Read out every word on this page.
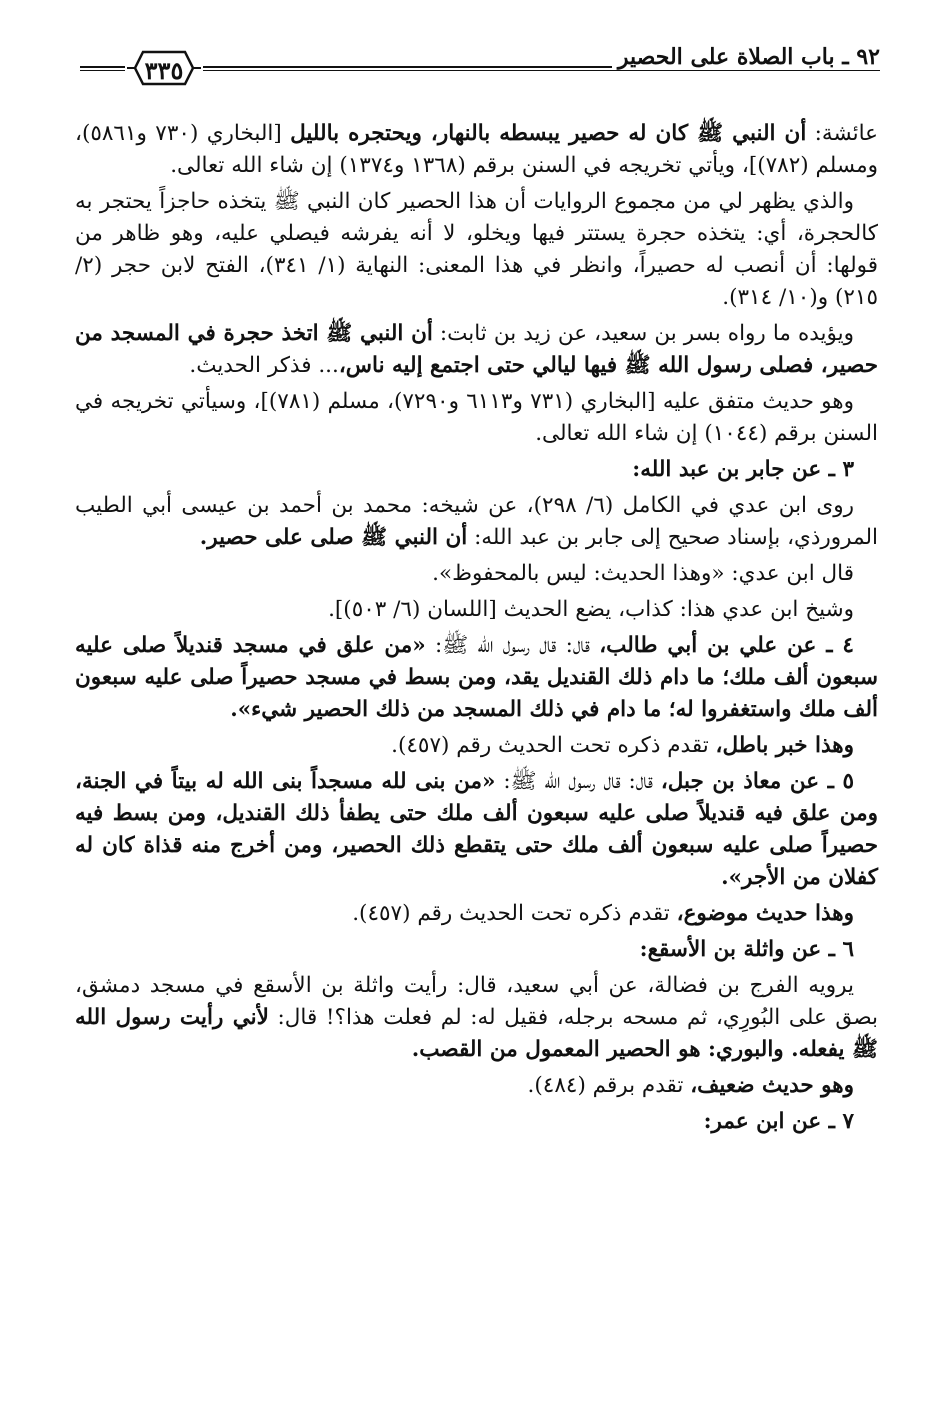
٩٢ ـ باب الصلاة على الحصير
٣٣٥

عائشة: أن النبي ﷺ كان له حصير يبسطه بالنهار، ويحتجره بالليل [البخاري (٧٣٠ و٥٨٦١)، ومسلم (٧٨٢)]، ويأتي تخريجه في السنن برقم (١٣٦٨ و١٣٧٤) إن شاء الله تعالى.

والذي يظهر لي من مجموع الروايات أن هذا الحصير كان النبي ﷺ يتخذه حاجزاً يحتجر به كالحجرة، أي: يتخذه حجرة يستتر فيها ويخلو، لا أنه يفرشه فيصلي عليه، وهو ظاهر من قولها: أن أنصب له حصيراً، وانظر في هذا المعنى: النهاية (١/ ٣٤١)، الفتح لابن حجر (٢/ ٢١٥) و(١٠/ ٣١٤).

ويؤيده ما رواه بسر بن سعيد، عن زيد بن ثابت: أن النبي ﷺ اتخذ حجرة في المسجد من حصير، فصلى رسول الله ﷺ فيها ليالي حتى اجتمع إليه ناس،... فذكر الحديث.

وهو حديث متفق عليه [البخاري (٧٣١ و٦١١٣ و٧٢٩٠)، مسلم (٧٨١)]، وسيأتي تخريجه في السنن برقم (١٠٤٤) إن شاء الله تعالى.

٣ ـ عن جابر بن عبد الله:

روى ابن عدي في الكامل (٦/ ٢٩٨)، عن شيخه: محمد بن أحمد بن عيسى أبي الطيب المرورذي، بإسناد صحيح إلى جابر بن عبد الله: أن النبي ﷺ صلى على حصير.

قال ابن عدي: «وهذا الحديث: ليس بالمحفوظ».

وشيخ ابن عدي هذا: كذاب، يضع الحديث [اللسان (٦/ ٥٠٣)].

٤ ـ عن علي بن أبي طالب، قال: قال رسول الله ﷺ: «من علق في مسجد قنديلاً صلى عليه سبعون ألف ملك؛ ما دام ذلك القنديل يقد، ومن بسط في مسجد حصيراً صلى عليه سبعون ألف ملك واستغفروا له؛ ما دام في ذلك المسجد من ذلك الحصير شيء».

وهذا خبر باطل، تقدم ذكره تحت الحديث رقم (٤٥٧).

٥ ـ عن معاذ بن جبل، قال: قال رسول الله ﷺ: «من بنى لله مسجداً بنى الله له بيتاً في الجنة، ومن علق فيه قنديلاً صلى عليه سبعون ألف ملك حتى يطفأ ذلك القنديل، ومن بسط فيه حصيراً صلى عليه سبعون ألف ملك حتى يتقطع ذلك الحصير، ومن أخرج منه قذاة كان له كفلان من الأجر».

وهذا حديث موضوع، تقدم ذكره تحت الحديث رقم (٤٥٧).

٦ ـ عن واثلة بن الأسقع:

يرويه الفرج بن فضالة، عن أبي سعيد، قال: رأيت واثلة بن الأسقع في مسجد دمشق، بصق على البُورِي، ثم مسحه برجله، فقيل له: لم فعلت هذا؟! قال: لأني رأيت رسول الله ﷺ يفعله. والبوري: هو الحصير المعمول من القصب.

وهو حديث ضعيف، تقدم برقم (٤٨٤).

٧ ـ عن ابن عمر:
